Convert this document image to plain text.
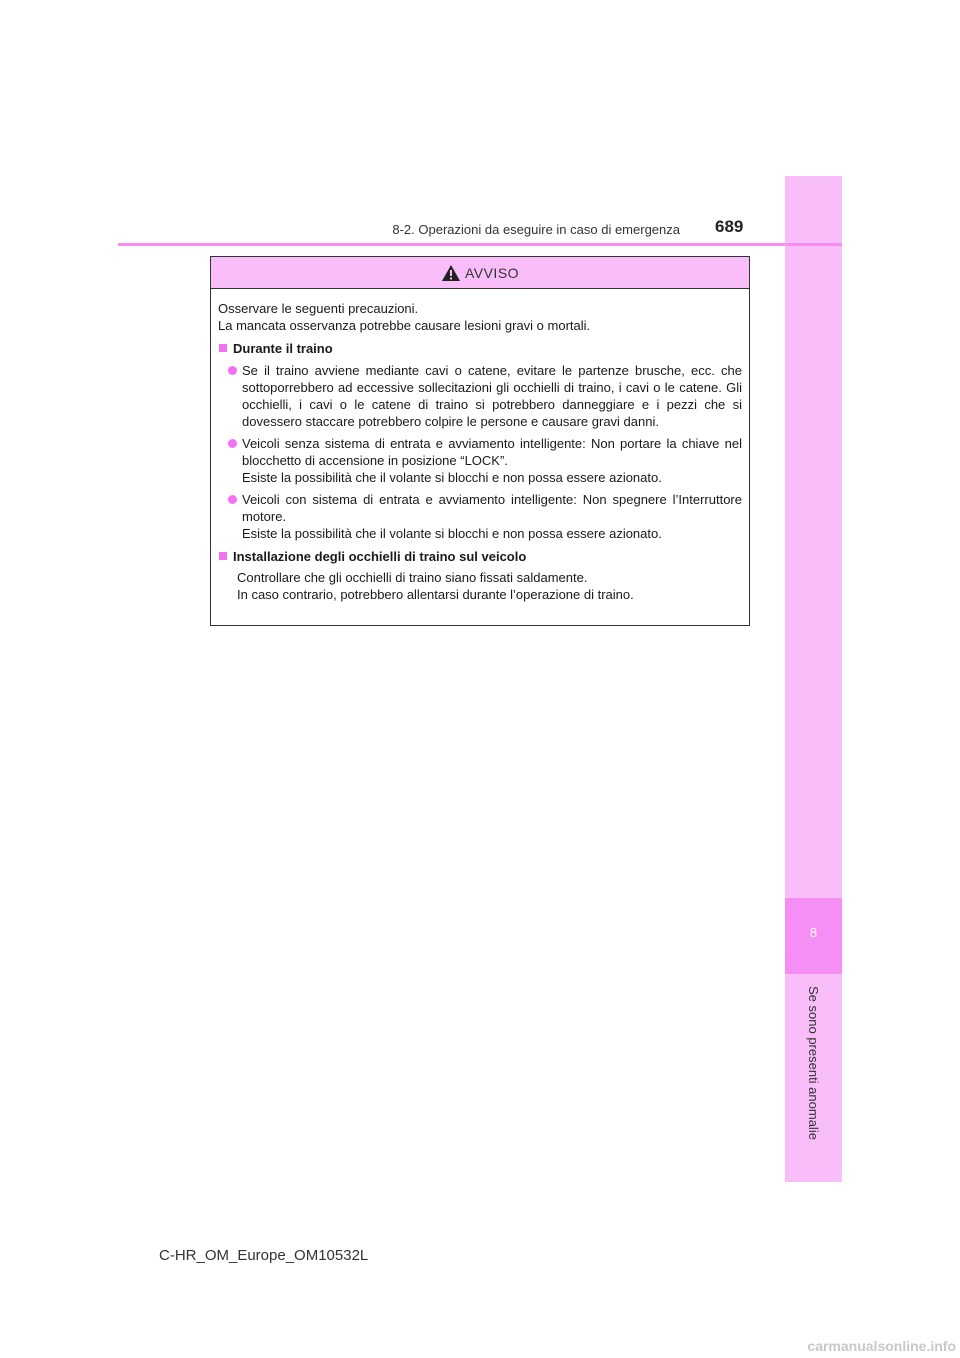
8
Se sono presenti anomalie
8-2. Operazioni da eseguire in caso di emergenza 689
AVVISO

Osservare le seguenti precauzioni.
La mancata osservanza potrebbe causare lesioni gravi o mortali.

Durante il traino
Se il traino avviene mediante cavi o catene, evitare le partenze brusche, ecc. che sottoporrebbero ad eccessive sollecitazioni gli occhielli di traino, i cavi o le catene. Gli occhielli, i cavi o le catene di traino si potrebbero danneggiare e i pezzi che si dovessero staccare potrebbero colpire le persone e causare gravi danni.
Veicoli senza sistema di entrata e avviamento intelligente: Non portare la chiave nel blocchetto di accensione in posizione “LOCK”.
Esiste la possibilità che il volante si blocchi e non possa essere azionato.
Veicoli con sistema di entrata e avviamento intelligente: Non spegnere l’Interruttore motore.
Esiste la possibilità che il volante si blocchi e non possa essere azionato.
Installazione degli occhielli di traino sul veicolo
Controllare che gli occhielli di traino siano fissati saldamente.
In caso contrario, potrebbero allentarsi durante l’operazione di traino.
C-HR_OM_Europe_OM10532L
carmanualsonline.info
